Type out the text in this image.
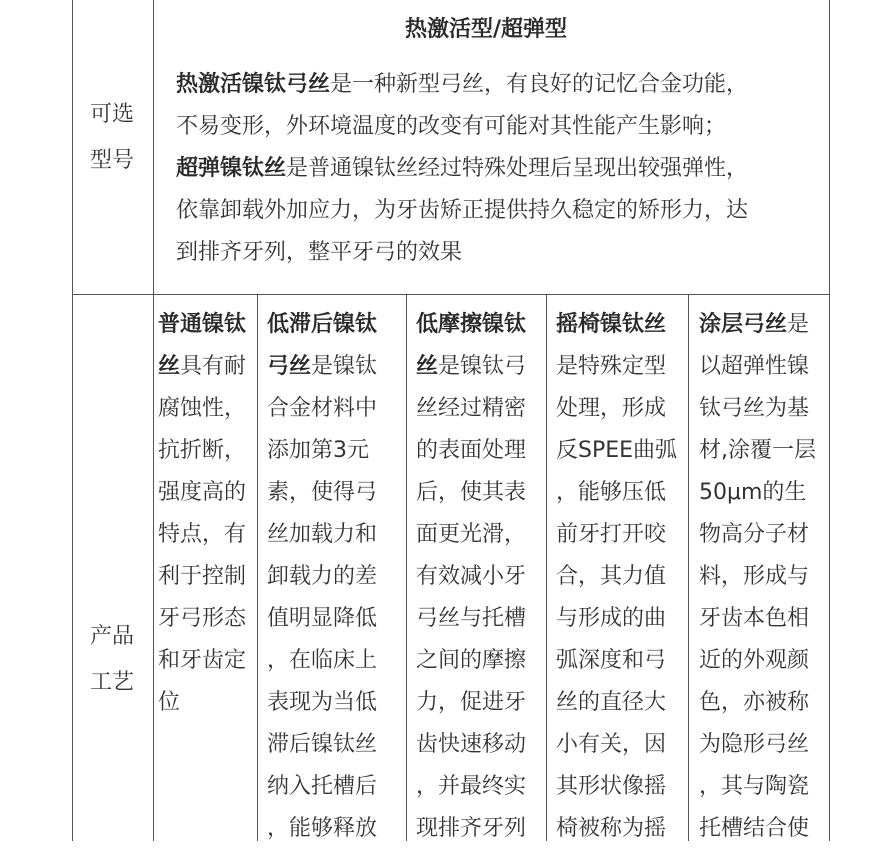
可选
型号
热激活型/超弹型

热激活镍钛弓丝是一种新型弓丝，有良好的记忆合金功能，

不易变形，外环境温度的改变有可能对其性能产生影响；

超弹镍钛丝是普通镍钛丝经过特殊处理后呈现出较强弹性，

依靠卸载外加应力，为牙齿矫正提供持久稳定的矫形力，达

到排齐牙列，整平牙弓的效果

产品
工艺
普通镍钛
丝具有耐
腐蚀性，
抗折断，
强度高的
特点，有
利于控制
牙弓形态
和牙齿定
位
低滞后镍钛
弓丝是镍钛
合金材料中
添加第3元
素，使得弓
丝加载力和
卸载力的差
值明显降低
，在临床上
表现为当低
滞后镍钛丝
纳入托槽后
，能够释放
低摩擦镍钛
丝是镍钛弓
丝经过精密
的表面处理
后，使其表
面更光滑，
有效减小牙
弓丝与托槽
之间的摩擦
力，促进牙
齿快速移动
，并最终实
现排齐牙列
摇椅镍钛丝
是特殊定型
处理，形成
反SPEE曲弧
，能够压低
前牙打开咬
合，其力值
与形成的曲
弧深度和弓
丝的直径大
小有关，因
其形状像摇
椅被称为摇
涂层弓丝是
以超弹性镍
钛弓丝为基
材,涂覆一层
50μm的生
物高分子材
料，形成与
牙齿本色相
近的外观颜
色，亦被称
为隐形弓丝
，其与陶瓷
托槽结合使
